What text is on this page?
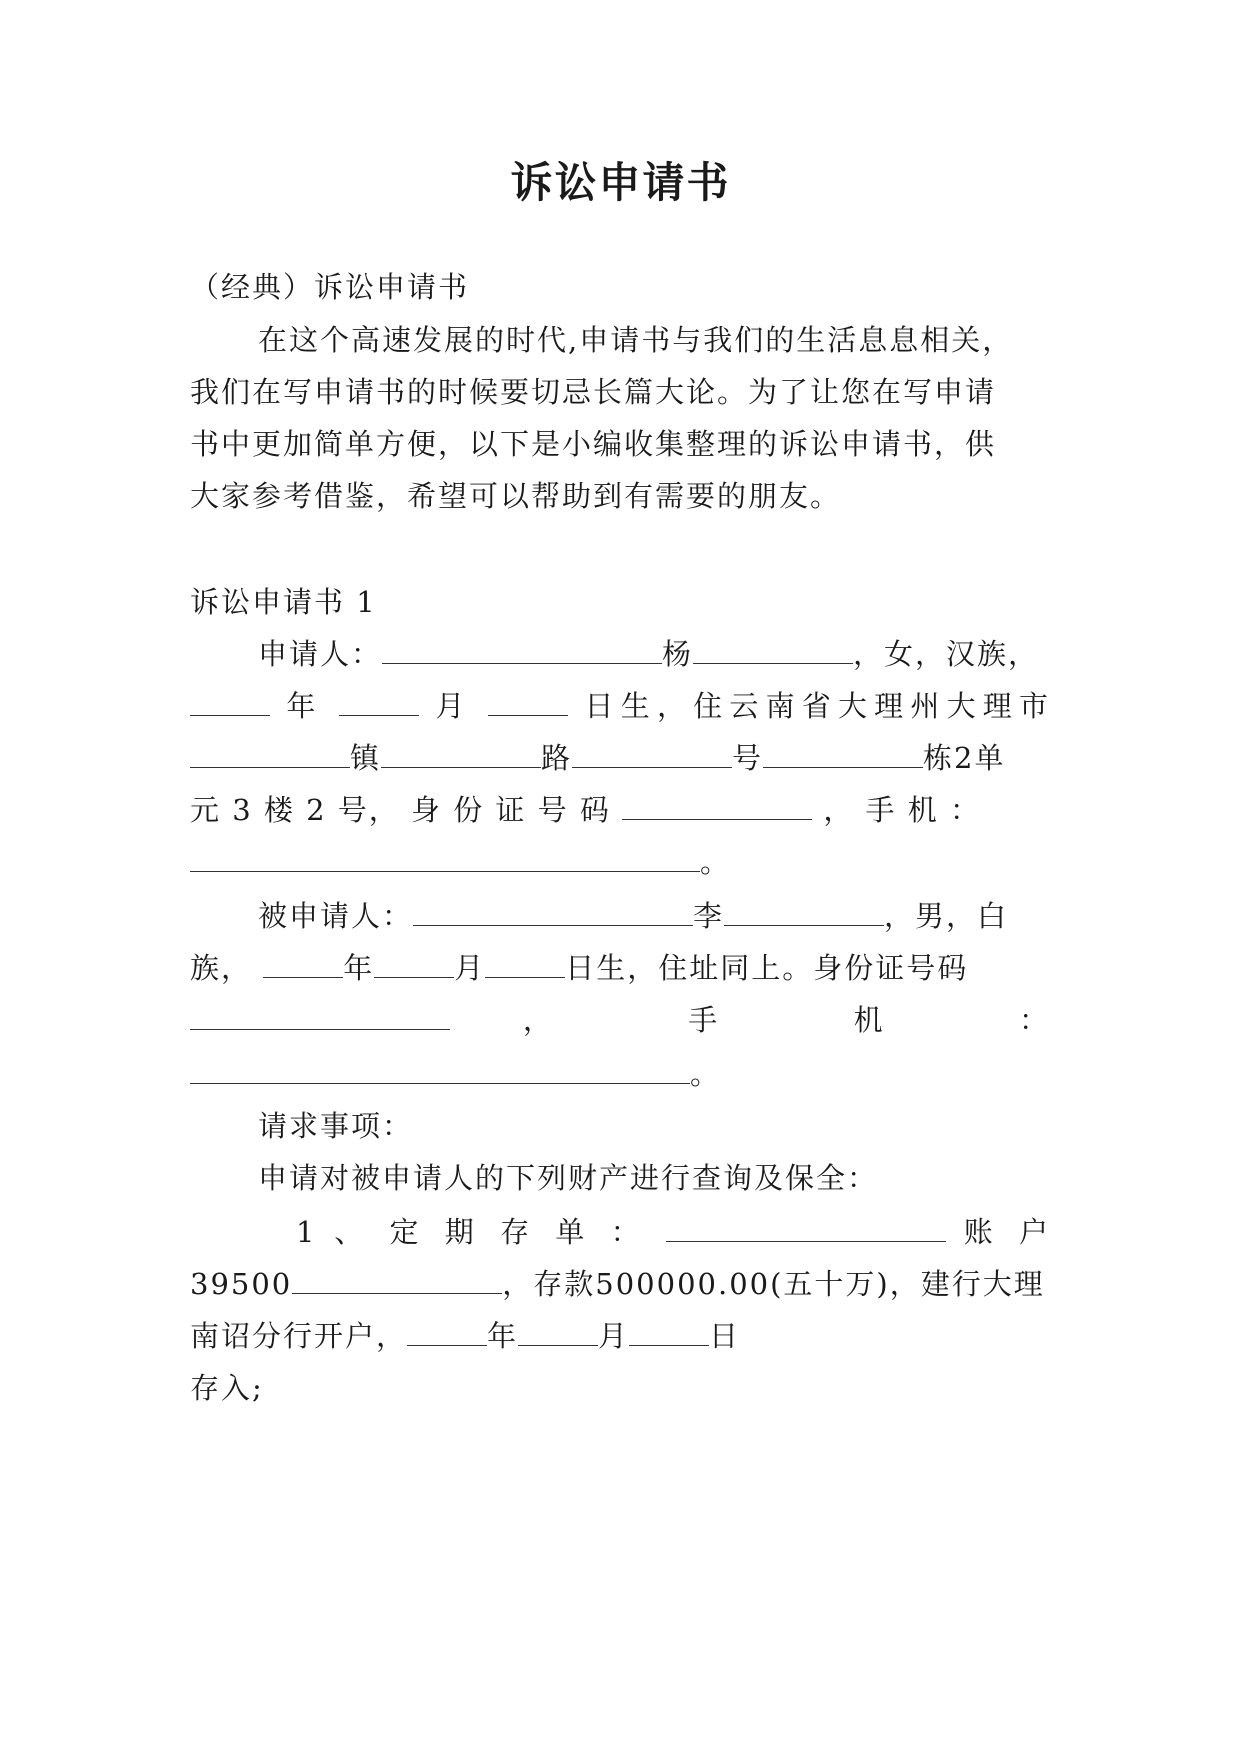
诉讼申请书
（经典）诉讼申请书
在这个高速发展的时代,申请书与我们的生活息息相关，
我们在写申请书的时候要切忌长篇大论。为了让您在写申请
书中更加简单方便，以下是小编收集整理的诉讼申请书，供
大家参考借鉴，希望可以帮助到有需要的朋友。
诉讼申请书 1
申请人：	杨	，女，汉族，
年	月	日生，住云南省大理州大理市
镇	路	号	栋2单
元 3 楼 2 号， 身 份 证 号 码	， 手 机 ：
。
被申请人：	李	，男，白
族，	年	月	日生，住址同上。身份证号码
，	手	机	：
。
请求事项：
申请对被申请人的下列财产进行查询及保全：
1 、 定 期 存 单 ：	账 户
39500	，存款500000.00(五十万)，建行大理
南诏分行开户，	年	月	日
存入;
